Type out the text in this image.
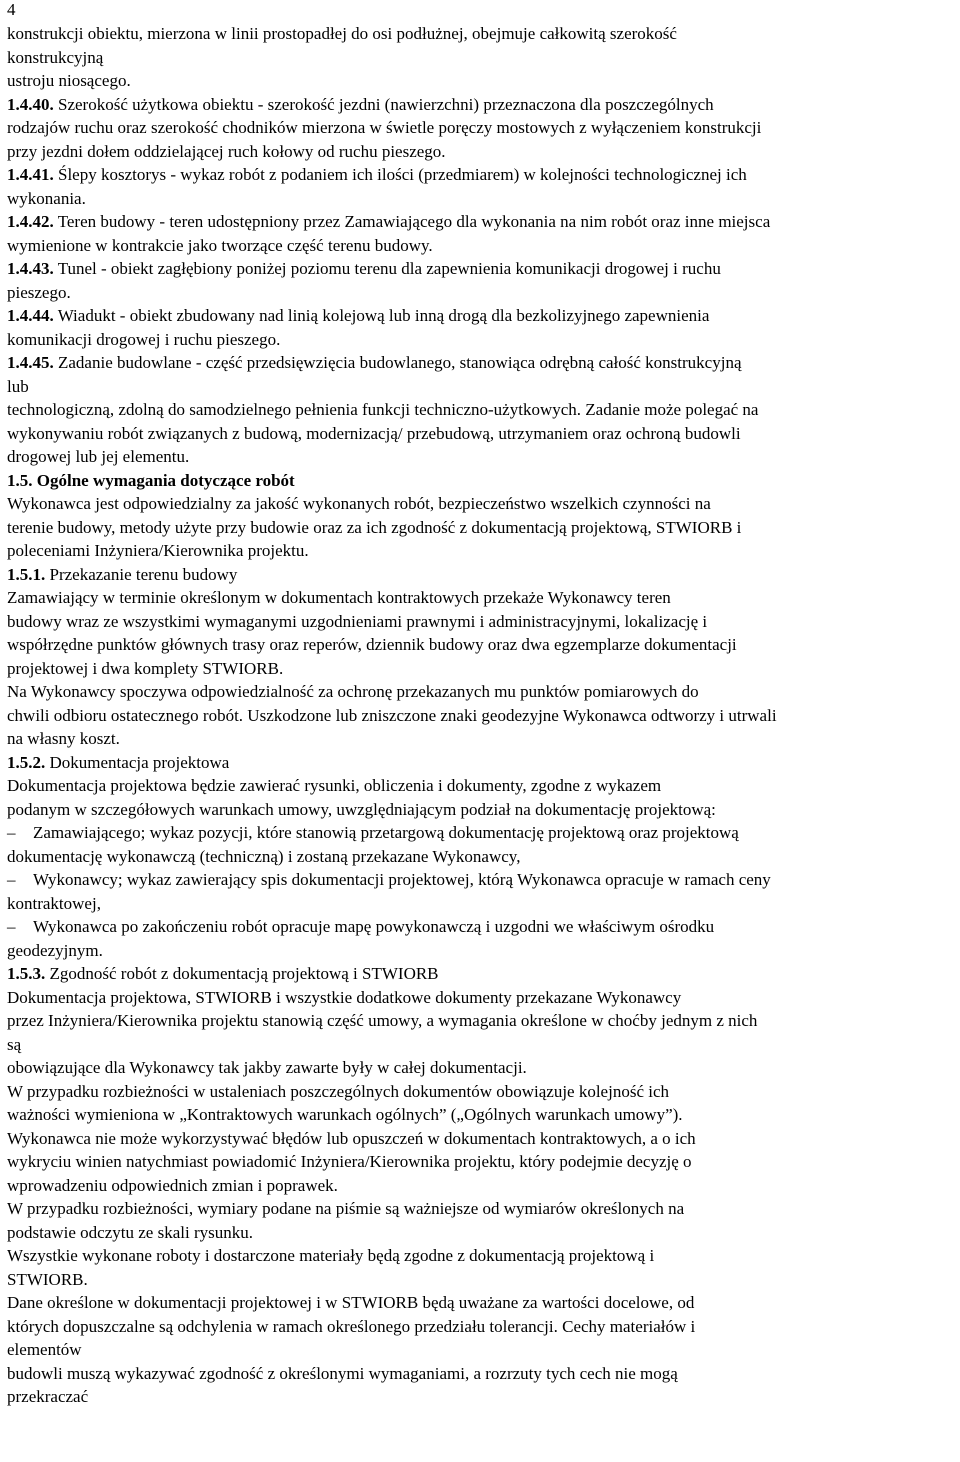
4
konstrukcji obiektu, mierzona w linii prostopadłej do osi podłużnej, obejmuje całkowitą szerokość
konstrukcyjną
ustroju niosącego.
1.4.40. Szerokość użytkowa obiektu - szerokość jezdni (nawierzchni) przeznaczona dla poszczególnych
rodzajów ruchu oraz szerokość chodników mierzona w świetle poręczy mostowych z wyłączeniem konstrukcji
przy jezdni dołem oddzielającej ruch kołowy od ruchu pieszego.
1.4.41. Ślepy kosztorys - wykaz robót z podaniem ich ilości (przedmiarem) w kolejności technologicznej ich
wykonania.
1.4.42. Teren budowy - teren udostępniony przez Zamawiającego dla wykonania na nim robót oraz inne miejsca
wymienione w kontrakcie jako tworzące część terenu budowy.
1.4.43. Tunel - obiekt zagłębiony poniżej poziomu terenu dla zapewnienia komunikacji drogowej i ruchu
pieszego.
1.4.44. Wiadukt - obiekt zbudowany nad linią kolejową lub inną drogą dla bezkolizyjnego zapewnienia
komunikacji drogowej i ruchu pieszego.
1.4.45. Zadanie budowlane - część przedsięwzięcia budowlanego, stanowiąca odrębną całość konstrukcyjną
lub
technologiczną, zdolną do samodzielnego pełnienia funkcji techniczno-użytkowych. Zadanie może polegać na
wykonywaniu robót związanych z budową, modernizacją/ przebudową, utrzymaniem oraz ochroną budowli
drogowej lub jej elementu.
1.5. Ogólne wymagania dotyczące robót
Wykonawca jest odpowiedzialny za jakość wykonanych robót, bezpieczeństwo wszelkich czynności na
terenie budowy, metody użyte przy budowie oraz za ich zgodność z dokumentacją projektową, STWIORB i
poleceniami Inżyniera/Kierownika projektu.
1.5.1. Przekazanie terenu budowy
Zamawiający w terminie określonym w dokumentach kontraktowych przekaże Wykonawcy teren
budowy wraz ze wszystkimi wymaganymi uzgodnieniami prawnymi i administracyjnymi, lokalizację i
współrzędne punktów głównych trasy oraz reperów, dziennik budowy oraz dwa egzemplarze dokumentacji
projektowej i dwa komplety STWIORB.
Na Wykonawcy spoczywa odpowiedzialność za ochronę przekazanych mu punktów pomiarowych do
chwili odbioru ostatecznego robót. Uszkodzone lub zniszczone znaki geodezyjne Wykonawca odtworzy i utrwali
na własny koszt.
1.5.2. Dokumentacja projektowa
Dokumentacja projektowa będzie zawierać rysunki, obliczenia i dokumenty, zgodne z wykazem
podanym w szczegółowych warunkach umowy, uwzględniającym podział na dokumentację projektową:
– Zamawiającego; wykaz pozycji, które stanowią przetargową dokumentację projektową oraz projektową
dokumentację wykonawczą (techniczną) i zostaną przekazane Wykonawcy,
– Wykonawcy; wykaz zawierający spis dokumentacji projektowej, którą Wykonawca opracuje w ramach ceny
kontraktowej,
– Wykonawca po zakończeniu robót opracuje mapę powykonawczą i uzgodni we właściwym ośrodku
geodezyjnym.
1.5.3. Zgodność robót z dokumentacją projektową i STWIORB
Dokumentacja projektowa, STWIORB i wszystkie dodatkowe dokumenty przekazane Wykonawcy
przez Inżyniera/Kierownika projektu stanowią część umowy, a wymagania określone w choćby jednym z nich
są
obowiązujące dla Wykonawcy tak jakby zawarte były w całej dokumentacji.
W przypadku rozbieżności w ustaleniach poszczególnych dokumentów obowiązuje kolejność ich
ważności wymieniona w „Kontraktowych warunkach ogólnych” („Ogólnych warunkach umowy”).
Wykonawca nie może wykorzystywać błędów lub opuszczeń w dokumentach kontraktowych, a o ich
wykryciu winien natychmiast powiadomić Inżyniera/Kierownika projektu, który podejmie decyzję o
wprowadzeniu odpowiednich zmian i poprawek.
W przypadku rozbieżności, wymiary podane na piśmie są ważniejsze od wymiarów określonych na
podstawie odczytu ze skali rysunku.
Wszystkie wykonane roboty i dostarczone materiały będą zgodne z dokumentacją projektową i
STWIORB.
Dane określone w dokumentacji projektowej i w STWIORB będą uważane za wartości docelowe, od
których dopuszczalne są odchylenia w ramach określonego przedziału tolerancji. Cechy materiałów i
elementów
budowli muszą wykazywać zgodność z określonymi wymaganiami, a rozrzuty tych cech nie mogą
przekraczać
